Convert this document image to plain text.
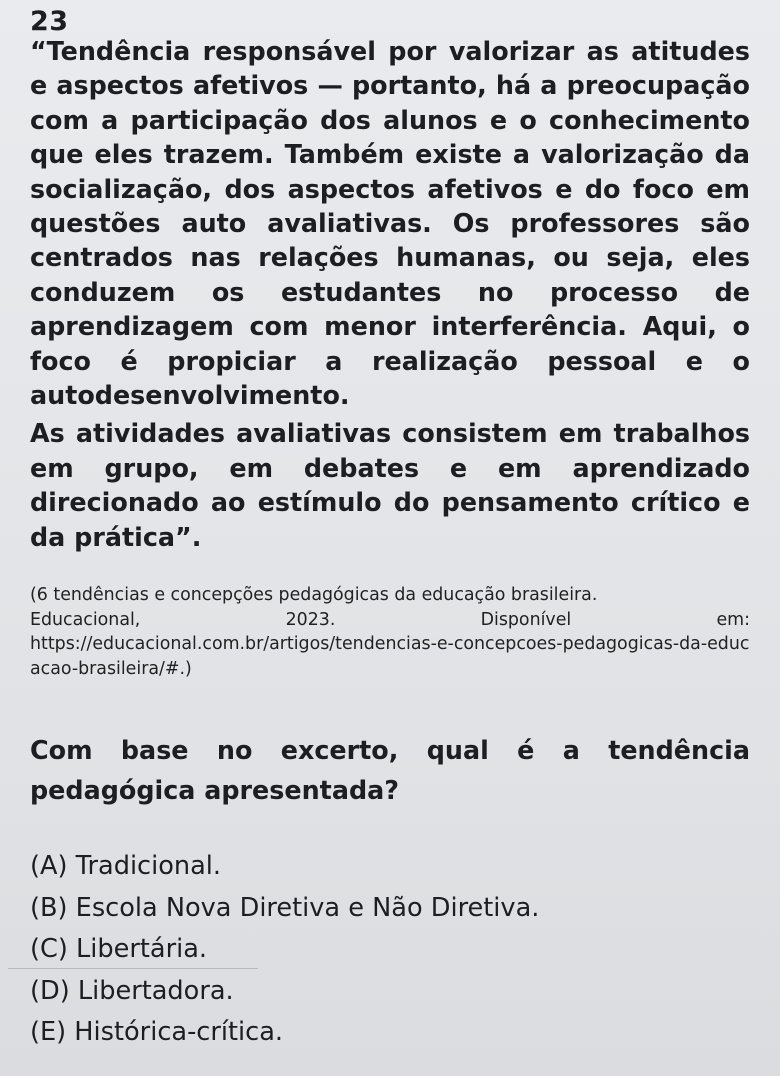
23

“Tendência responsável por valorizar as atitudes e aspectos afetivos — portanto, há a preocupação com a participação dos alunos e o conhecimento que eles trazem. Também existe a valorização da socialização, dos aspectos afetivos e do foco em questões auto avaliativas. Os professores são centrados nas relações humanas, ou seja, eles conduzem os estudantes no processo de aprendizagem com menor interferência. Aqui, o foco é propiciar a realização pessoal e o autodesenvolvimento.

As atividades avaliativas consistem em trabalhos em grupo, em debates e em aprendizado direcionado ao estímulo do pensamento crítico e da prática”.

(6 tendências e concepções pedagógicas da educação brasileira.
Educacional,	2023.	Disponível	em:
https://educacional.com.br/artigos/tendencias-e-concepcoes-pedagogicas-da-educacao-brasileira/#.)
Com base no excerto, qual é a tendência pedagógica apresentada?
(A) Tradicional.
(B) Escola Nova Diretiva e Não Diretiva.
(C) Libertária.
(D) Libertadora.
(E) Histórica-crítica.
